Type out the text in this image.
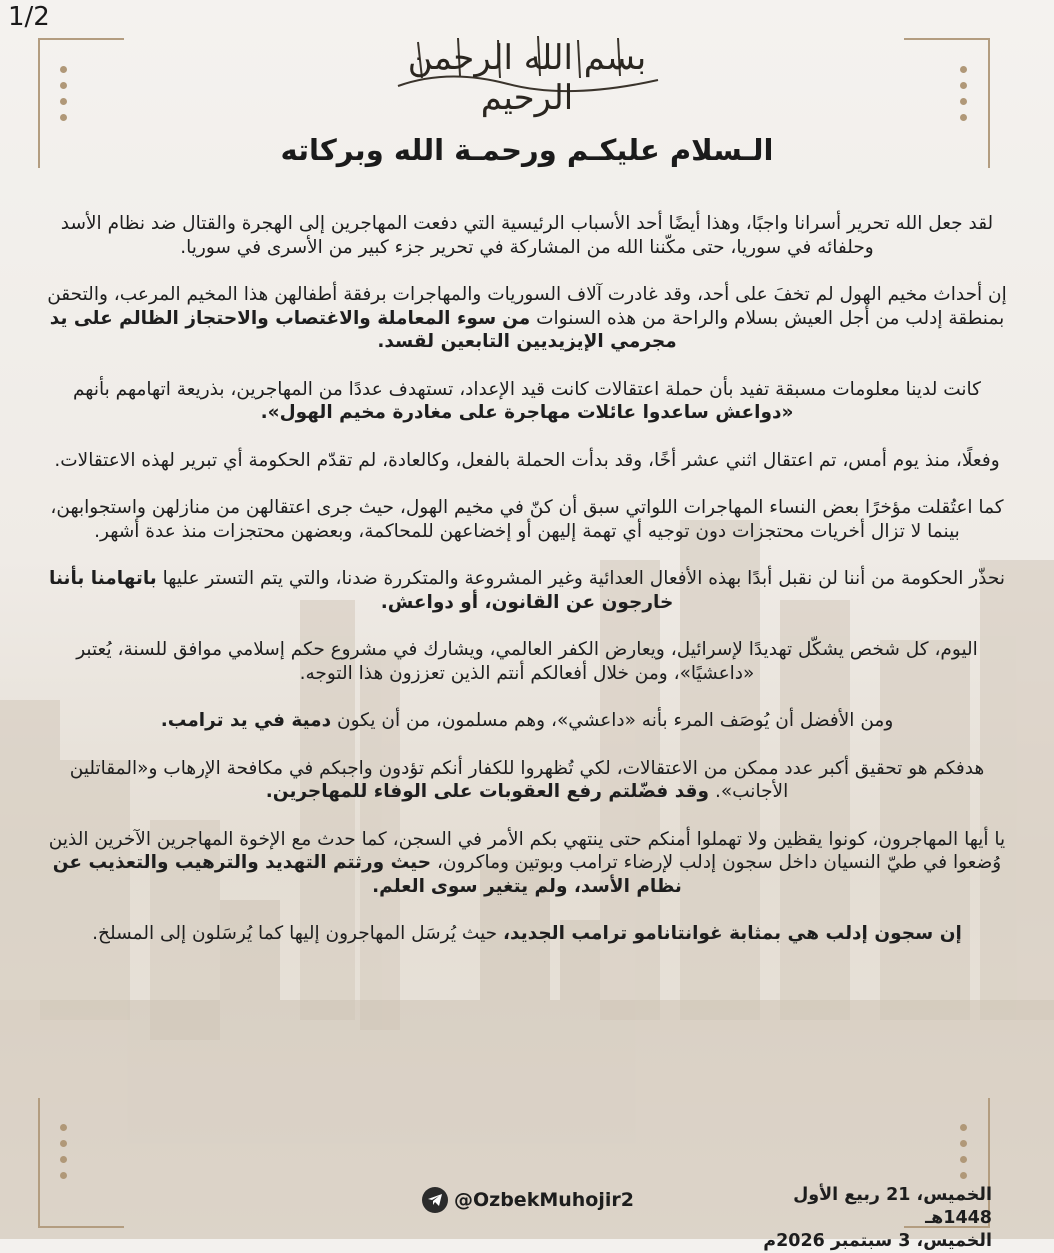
1/2
بسم الله الرحمن الرحيم
الـسلام عليكـم ورحمـة الله وبركاته

لقد جعل الله تحرير أسرانا واجبًا، وهذا أيضًا أحد الأسباب الرئيسية التي دفعت المهاجرين إلى الهجرة والقتال ضد نظام الأسد وحلفائه في سوريا، حتى مكّننا الله من المشاركة في تحرير جزء كبير من الأسرى في سوريا.

إن أحداث مخيم الهول لم تخفَ على أحد، وقد غادرت آلاف السوريات والمهاجرات برفقة أطفالهن هذا المخيم المرعب، والتحقن بمنطقة إدلب من أجل العيش بسلام والراحة من هذه السنوات من سوء المعاملة والاغتصاب والاحتجاز الظالم على يد مجرمي الإيزيديين التابعين لقسد.

كانت لدينا معلومات مسبقة تفيد بأن حملة اعتقالات كانت قيد الإعداد، تستهدف عددًا من المهاجرين، بذريعة اتهامهم بأنهم «دواعش ساعدوا عائلات مهاجرة على مغادرة مخيم الهول».

وفعلًا، منذ يوم أمس، تم اعتقال اثني عشر أخًا، وقد بدأت الحملة بالفعل، وكالعادة، لم تقدّم الحكومة أي تبرير لهذه الاعتقالات.

كما اعتُقلت مؤخرًا بعض النساء المهاجرات اللواتي سبق أن كنّ في مخيم الهول، حيث جرى اعتقالهن من منازلهن واستجوابهن، بينما لا تزال أخريات محتجزات دون توجيه أي تهمة إليهن أو إخضاعهن للمحاكمة، وبعضهن محتجزات منذ عدة أشهر.

نحذّر الحكومة من أننا لن نقبل أبدًا بهذه الأفعال العدائية وغير المشروعة والمتكررة ضدنا، والتي يتم التستر عليها باتهامنا بأننا خارجون عن القانون، أو دواعش.

اليوم، كل شخص يشكّل تهديدًا لإسرائيل، ويعارض الكفر العالمي، ويشارك في مشروع حكم إسلامي موافق للسنة، يُعتبر «داعشيًا»، ومن خلال أفعالكم أنتم الذين تعززون هذا التوجه.

ومن الأفضل أن يُوصَف المرء بأنه «داعشي»، وهم مسلمون، من أن يكون دمية في يد ترامب.

هدفكم هو تحقيق أكبر عدد ممكن من الاعتقالات، لكي تُظهروا للكفار أنكم تؤدون واجبكم في مكافحة الإرهاب و«المقاتلين الأجانب». وقد فضّلتم رفع العقوبات على الوفاء للمهاجرين.

يا أيها المهاجرون، كونوا يقظين ولا تهملوا أمنكم حتى ينتهي بكم الأمر في السجن، كما حدث مع الإخوة المهاجرين الآخرين الذين وُضعوا في طيّ النسيان داخل سجون إدلب لإرضاء ترامب وبوتين وماكرون، حيث ورثتم التهديد والترهيب والتعذيب عن نظام الأسد، ولم يتغير سوى العلم.

إن سجون إدلب هي بمثابة غوانتانامو ترامب الجديد، حيث يُرسَل المهاجرون إليها كما يُرسَلون إلى المسلخ.

@OzbekMuhojir2	الخميس، 21 ربيع الأول 1448هـ
الخميس، 3 سبتمبر 2026م
